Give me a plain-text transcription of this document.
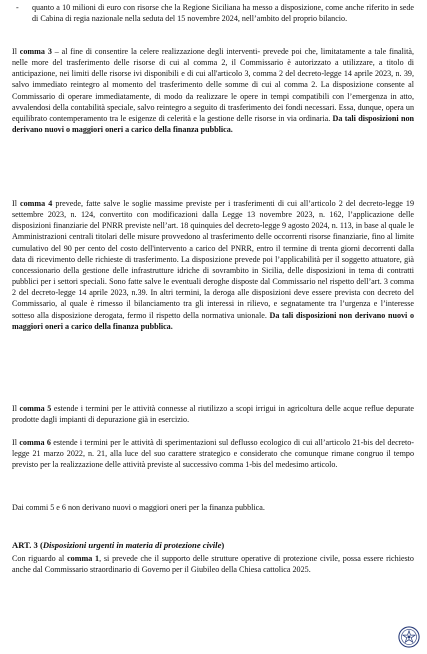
- quanto a 10 milioni di euro con risorse che la Regione Siciliana ha messo a disposizione, come anche riferito in sede di Cabina di regia nazionale nella seduta del 15 novembre 2024, nell’ambito del proprio bilancio.

Il comma 3 – al fine di consentire la celere realizzazione degli interventi- prevede poi che, limitatamente a tale finalità, nelle more del trasferimento delle risorse di cui al comma 2, il Commissario è autorizzato a utilizzare, a titolo di anticipazione, nei limiti delle risorse ivi disponibili e di cui all'articolo 3, comma 2 del decreto-legge 14 aprile 2023, n. 39, salvo immediato reintegro al momento del trasferimento delle somme di cui al comma 2. La disposizione consente al Commissario di operare immediatamente, di modo da realizzare le opere in tempi compatibili con l’emergenza in atto, avvalendosi della contabilità speciale, salvo reintegro a seguito di trasferimento dei fondi necessari. Essa, dunque, opera un equilibrato contemperamento tra le esigenze di celerità e la gestione delle risorse in via ordinaria. Da tali disposizioni non derivano nuovi o maggiori oneri a carico della finanza pubblica.

Il comma 4 prevede, fatte salve le soglie massime previste per i trasferimenti di cui all’articolo 2 del decreto-legge 19 settembre 2023, n. 124, convertito con modificazioni dalla Legge 13 novembre 2023, n. 162, l’applicazione delle disposizioni finanziarie del PNRR previste nell’art. 18 quinquies del decreto-legge 9 agosto 2024, n. 113, in base al quale le Amministrazioni centrali titolari delle misure provvedono al trasferimento delle occorrenti risorse finanziarie, fino al limite cumulativo del 90 per cento del costo dell'intervento a carico del PNRR, entro il termine di trenta giorni decorrenti dalla data di ricevimento delle richieste di trasferimento. La disposizione prevede poi l’applicabilità per il soggetto attuatore, già concessionario della gestione delle infrastrutture idriche di sovrambito in Sicilia, delle disposizioni in tema di contratti pubblici per i settori speciali. Sono fatte salve le eventuali deroghe disposte dal Commissario nel rispetto dell’art. 3 comma 2 del decreto-legge 14 aprile 2023, n.39. In altri termini, la deroga alle disposizioni deve essere prevista con decreto del Commissario, al quale è rimesso il bilanciamento tra gli interessi in rilievo, e segnatamente tra l’urgenza e l’interesse sotteso alla disposizione derogata, fermo il rispetto della normativa unionale. Da tali disposizioni non derivano nuovi o maggiori oneri a carico della finanza pubblica.

Il comma 5 estende i termini per le attività connesse al riutilizzo a scopi irrigui in agricoltura delle acque reflue depurate prodotte dagli impianti di depurazione già in esercizio.

Il comma 6 estende i termini per le attività di sperimentazioni sul deflusso ecologico di cui all’articolo 21-bis del decreto-legge 21 marzo 2022, n. 21, alla luce del suo carattere strategico e considerato che comunque rimane congruo il tempo previsto per la realizzazione delle attività previste al successivo comma 1-bis del medesimo articolo.

Dai commi 5 e 6 non derivano nuovi o maggiori oneri per la finanza pubblica.

ART. 3 (Disposizioni urgenti in materia di protezione civile)

Con riguardo al comma 1, si prevede che il supporto delle strutture operative di protezione civile, possa essere richiesto anche dal Commissario straordinario di Governo per il Giubileo della Chiesa cattolica 2025.
